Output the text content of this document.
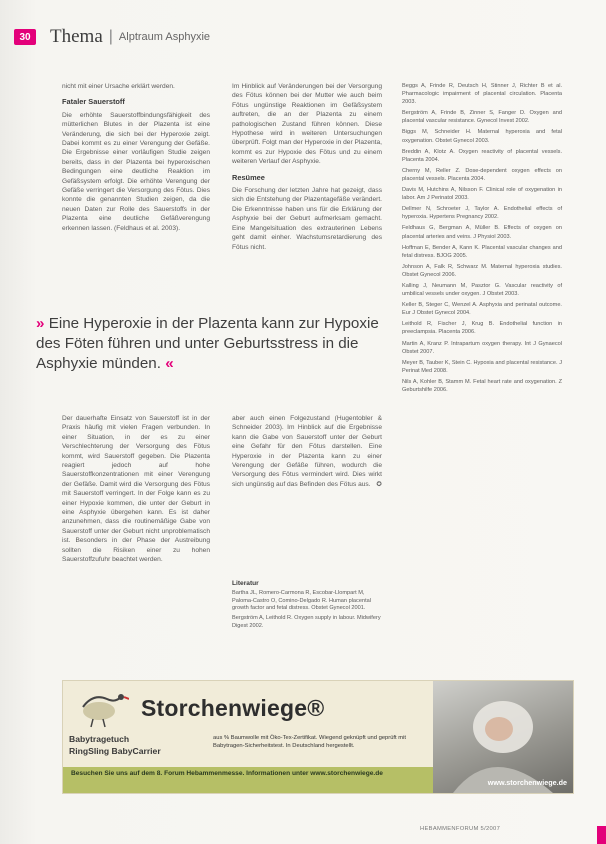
30 Thema | Alptraum Asphyxie

nicht mit einer Ursache erklärt werden.

Fataler Sauerstoff

Die erhöhte Sauerstoffbindungsfähigkeit des mütterlichen Blutes in der Plazenta ist eine Veränderung, die sich bei der Hyperoxie zeigt. Dabei kommt es zu einer Verengung der Gefäße. Die Ergebnisse einer vorläufigen Studie zeigen bereits, dass in der Plazenta bei hyperoxischen Bedingungen eine deutliche Reaktion im Gefäßsystem erfolgt. Die erhöhte Verengung der Gefäße verringert die Versorgung des Fötus. Dies konnte die genannten Studien zeigen, da die neuen Daten zur Rolle des Sauerstoffs in der Plazenta eine deutliche Gefäßverengung erkennen lassen. (Feldhaus et al. 2003).

Im Hinblick auf Veränderungen bei der Versorgung des Fötus können bei der Mutter wie auch beim Fötus ungünstige Reaktionen im Gefäßsystem auftreten, die an der Plazenta zu einem pathologischen Zustand führen können. Diese Hypothese wird in weiteren Untersuchungen überprüft. Folgt man der Hyperoxie in der Plazenta, kommt es zur Hypoxie des Fötus und zu einem weiteren Verlauf der Asphyxie.

Resümee

Die Forschung der letzten Jahre hat gezeigt, dass sich die Entstehung der Plazentagefäße verändert. Die Erkenntnisse haben uns für die Erklärung der Asphyxie bei der Geburt aufmerksam gemacht. Eine Mangelsituation des extrauterinen Lebens geht damit einher. Wachstumsretardierung des Fötus nicht.

Beggs A, Frinde R, Deutsch H, Stinner J, Richter B et al. Pharmacologic impairment of placental circulation. Placenta 2003.

Bergström A, Frinde B, Zinner S, Fanger D. Oxygen and placental vascular resistance. Gynecol Invest 2002.

Biggs M, Schneider H. Maternal hyperoxia and fetal oxygenation. Obstet Gynecol 2003.

Breddin A, Klotz A. Oxygen reactivity of placental vessels. Placenta 2004.

Cherny M, Reller Z. Dose-dependent oxygen effects on placental vessels. Placenta 2004.

Davis M, Hutchins A, Nilsson F. Clinical role of oxygenation in labor. Am J Perinatol 2003.

Dellmer N, Schroeter J, Taylor A. Endothelial effects of hyperoxia. Hypertens Pregnancy 2002.

Feldhaus G, Bergman A, Müller B. Effects of oxygen on placental arteries and veins. J Physiol 2003.

Hoffman E, Bender A, Kann K. Placental vascular changes and fetal distress. BJOG 2005.

Johnson A, Falk R, Schwarz M. Maternal hyperoxia studies. Obstet Gynecol 2006.

Kalling J, Neumann M, Pasztor G. Vascular reactivity of umbilical vessels under oxygen. J Obstet 2003.

Keller B, Steger C, Wenzel A. Asphyxia and perinatal outcome. Eur J Obstet Gynecol 2004.

Leithold R, Fischer J, Krug B. Endothelial function in preeclampsia. Placenta 2006.

Martin A, Kranz P. Intrapartum oxygen therapy. Int J Gynaecol Obstet 2007.

Meyer B, Tauber K, Stein C. Hypoxia and placental resistance. J Perinat Med 2008.

Nils A, Kohler B, Stamm M. Fetal heart rate and oxygenation. Z Geburtshilfe 2006.

» Eine Hyperoxie in der Plazenta kann zur Hypoxie des Föten führen und unter Geburtsstress in die Asphyxie münden. «

Der dauerhafte Einsatz von Sauerstoff ist in der Praxis häufig mit vielen Fragen verbunden. In einer Situation, in der es zu einer Verschlechterung der Versorgung des Fötus kommt, wird Sauerstoff gegeben. Die Plazenta reagiert jedoch auf hohe Sauerstoffkonzentrationen mit einer Verengung der Gefäße. Damit wird die Versorgung des Fötus mit Sauerstoff verringert. In der Folge kann es zu einer Hypoxie kommen, die unter der Geburt in eine Asphyxie übergehen kann. Es ist daher anzunehmen, dass die routinemäßige Gabe von Sauerstoff unter der Geburt nicht unproblematisch ist. Besonders in der Phase der Austreibung sollten die Risiken einer zu hohen Sauerstoffzufuhr beachtet werden.

aber auch einen Folgezustand (Hugentobler & Schneider 2003). Im Hinblick auf die Ergebnisse kann die Gabe von Sauerstoff unter der Geburt eine Gefahr für den Fötus darstellen. Eine Hyperoxie in der Plazenta kann zu einer Verengung der Gefäße führen, wodurch die Versorgung des Fötus vermindert wird. Dies wirkt sich ungünstig auf das Befinden des Fötus aus. ✪

Literatur

Bartha JL, Romero-Carmona R, Escobar-Llompart M, Paloma-Castro O, Comino-Delgado R. Human placental growth factor and fetal distress. Obstet Gynecol 2001.

Bergström A, Leithold R. Oxygen supply in labour. Midwifery Digest 2002.

Storchenwiege®
Babytragetuch
RingSling BabyCarrier
aus % Baumwolle mit Öko-Tex-Zertifikat. Wiegend geknüpft und geprüft mit Babytragen-Sicherheitstest. In Deutschland hergestellt.
Besuchen Sie uns auf dem 8. Forum Hebammenmesse. Informationen unter www.storchenwiege.de
www.storchenwiege.de
HEBAMMENFORUM 5/2007
